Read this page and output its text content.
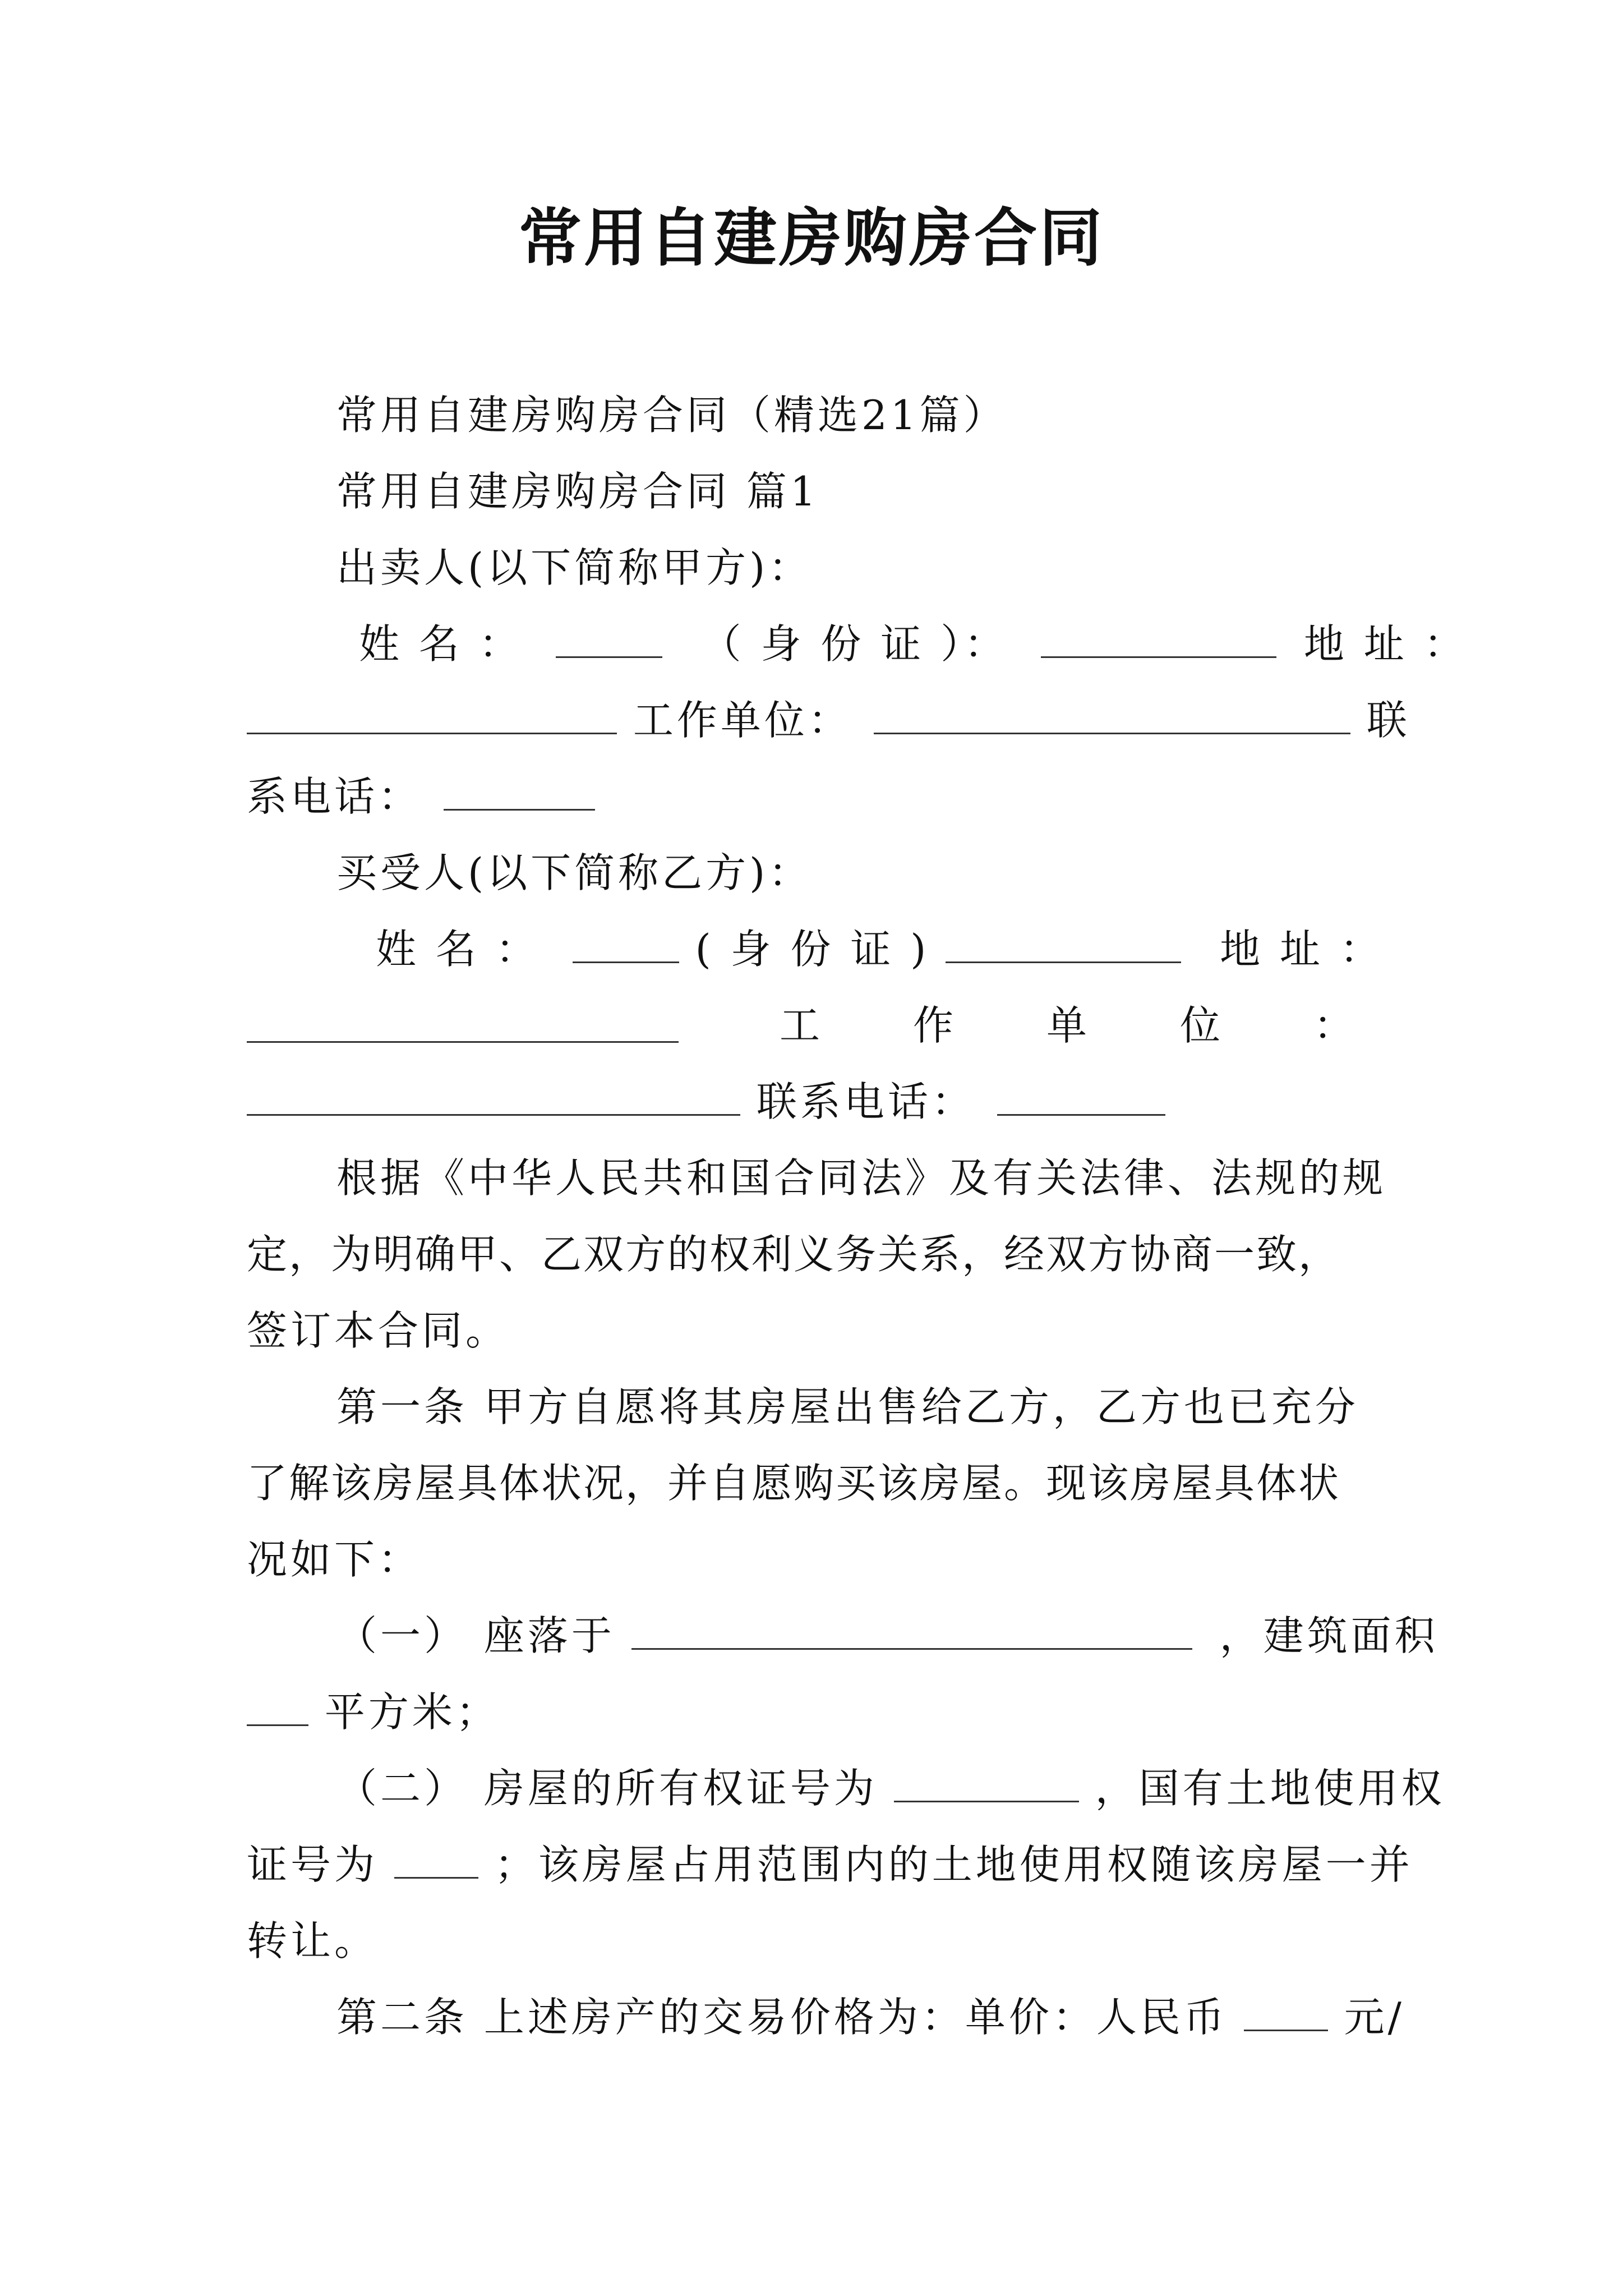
常用自建房购房合同

常用自建房购房合同（精选21篇）

常用自建房购房合同 篇1

出卖人(以下简称甲方)：

姓 名 ：	（ 身 份 证 ）：	地 址 ：
工作单位：	联
系电话：

买受人(以下简称乙方)：

姓 名 ：	( 身 份 证 )	地 址 ：
工 作 单 位 ：
联系电话：

根据《中华人民共和国合同法》及有关法律、法规的规

定，为明确甲、乙双方的权利义务关系，经双方协商一致，

签订本合同。

第一条 甲方自愿将其房屋出售给乙方，乙方也已充分

了解该房屋具体状况，并自愿购买该房屋。现该房屋具体状

况如下：

（一） 座落于	，建筑面积
平方米；
（二） 房屋的所有权证号为	，国有土地使用权
证号为	；该房屋占用范围内的土地使用权随该房屋一并

转让。

第二条 上述房产的交易价格为：单价：人民币	元/
